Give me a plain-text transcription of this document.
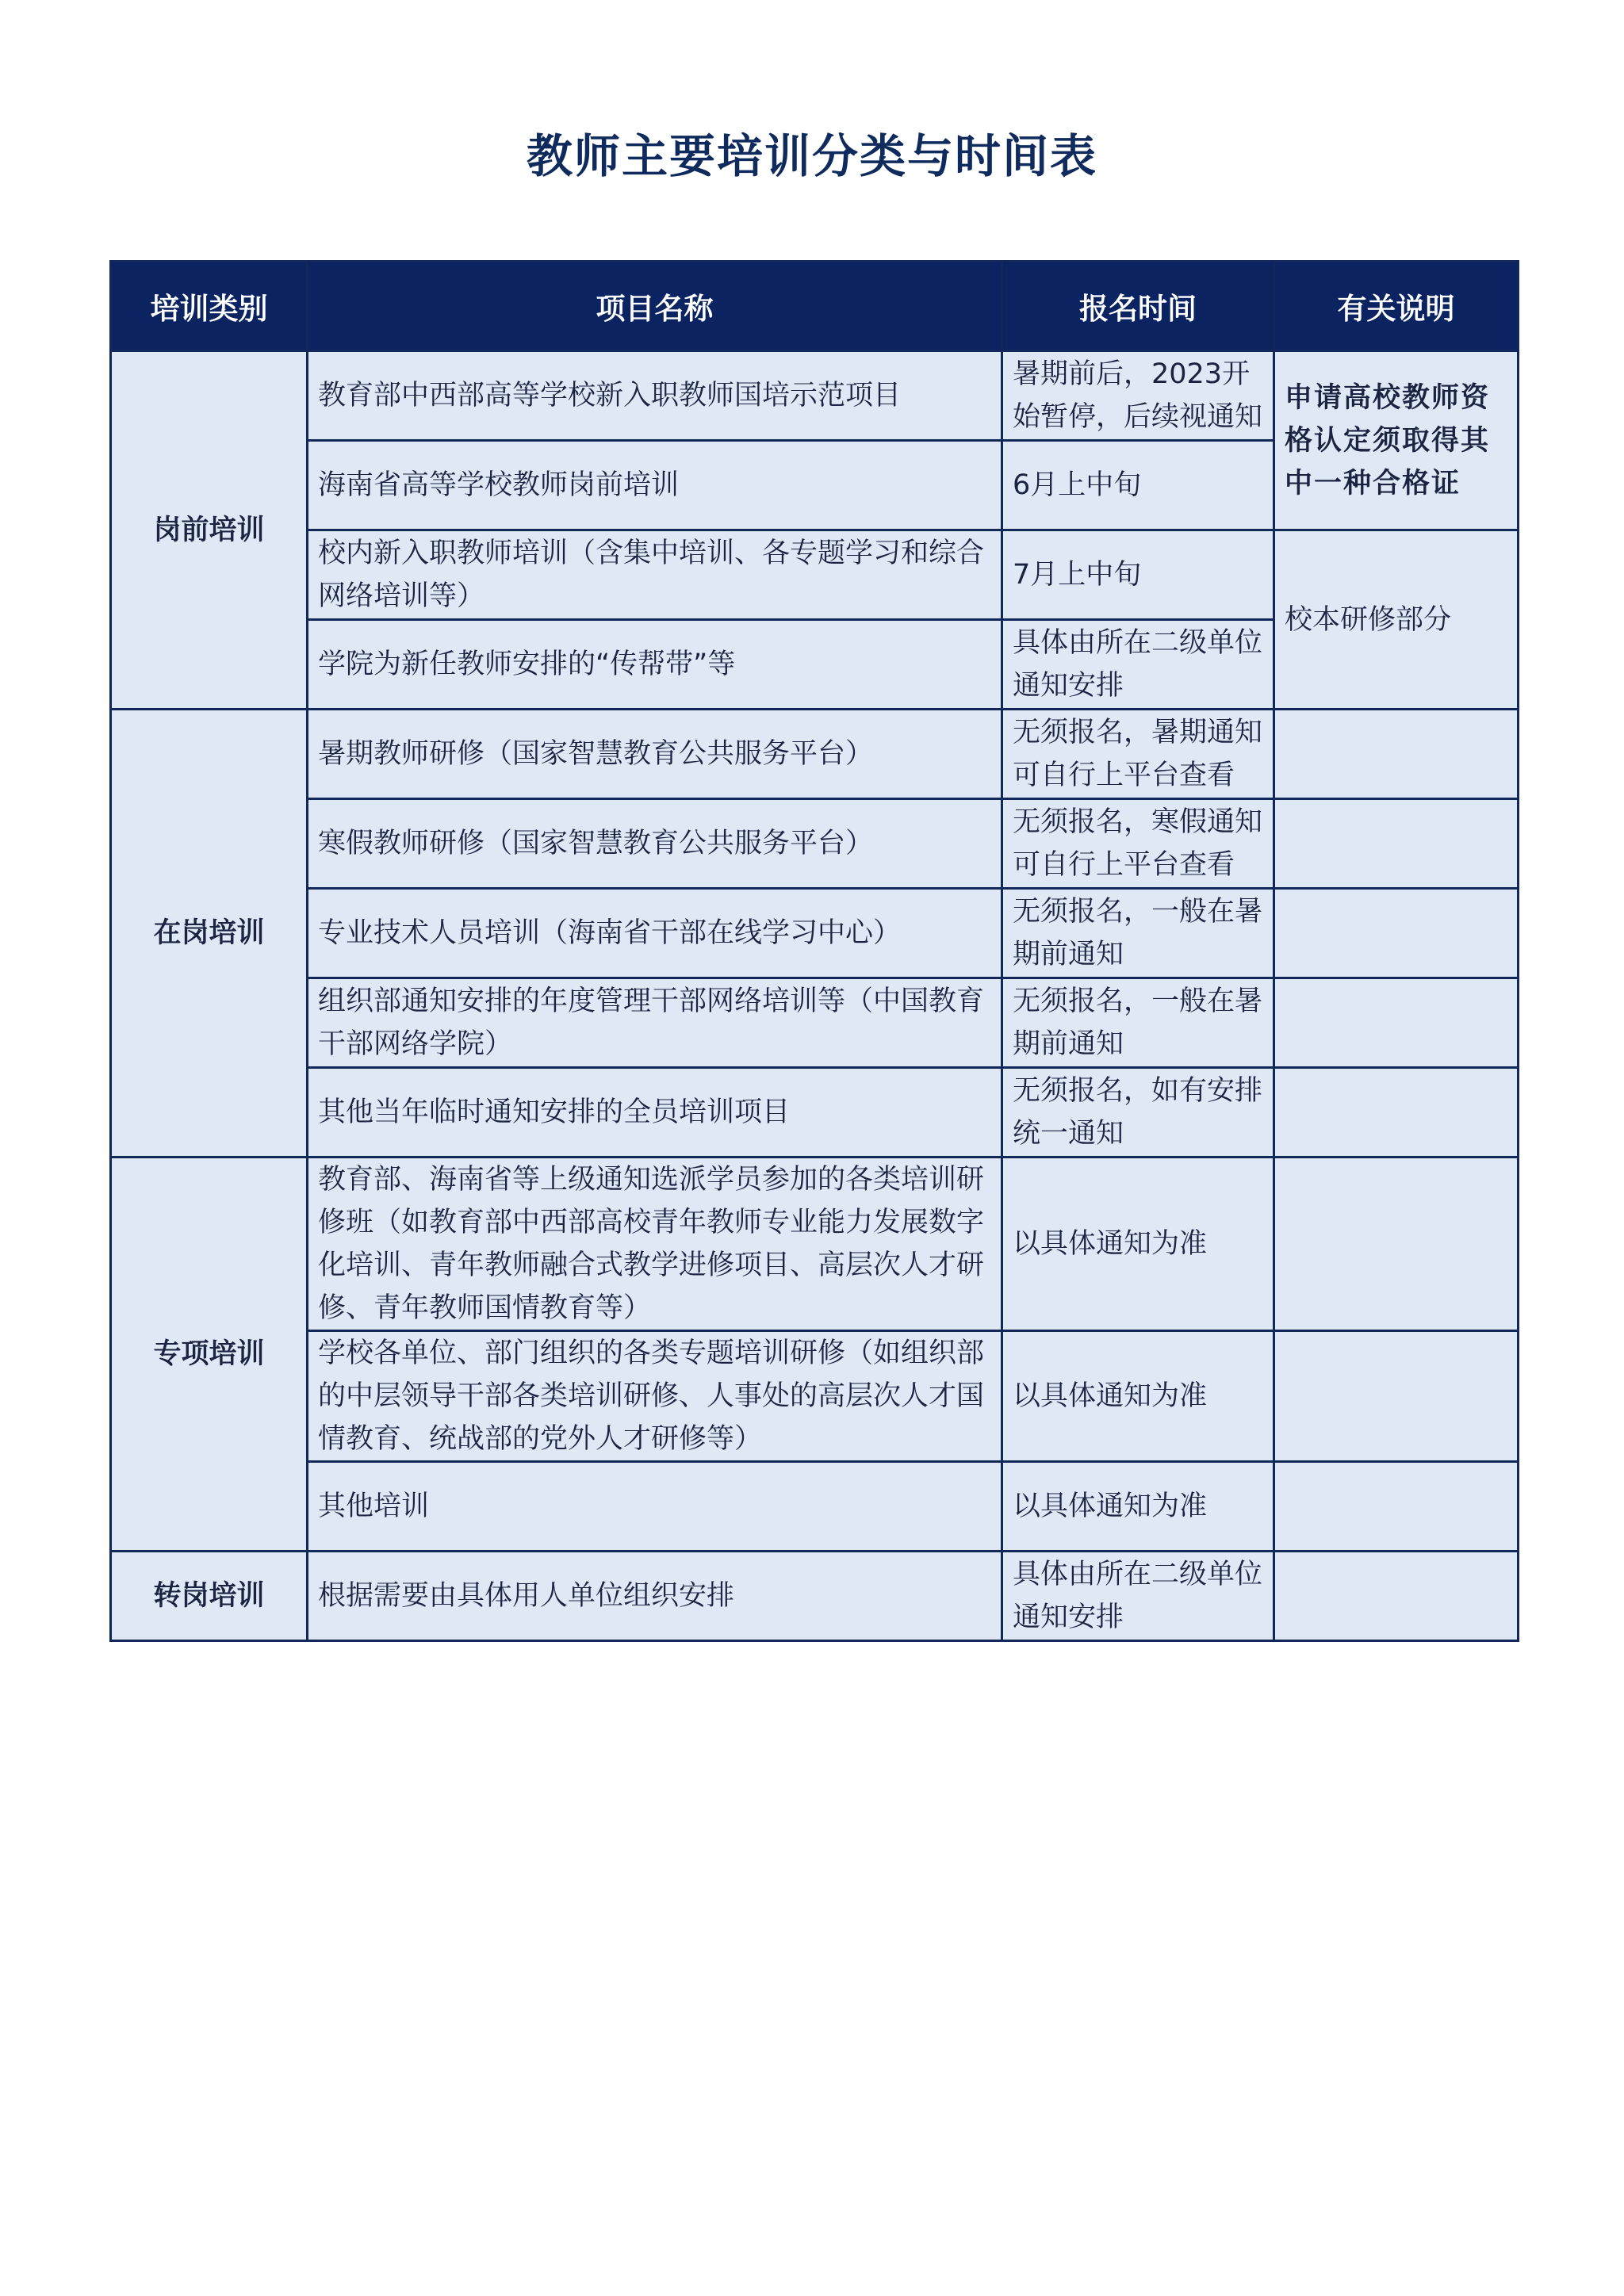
教师主要培训分类与时间表
培训类别	项目名称	报名时间	有关说明
岗前培训	教育部中西部高等学校新入职教师国培示范项目	暑期前后，2023开始暂停，后续视通知	申请高校教师资格认定须取得其中一种合格证
	海南省高等学校教师岗前培训	6月上中旬	
	校内新入职教师培训（含集中培训、各专题学习和综合网络培训等）	7月上中旬	校本研修部分
	学院为新任教师安排的“传帮带”等	具体由所在二级单位通知安排	
在岗培训	暑期教师研修（国家智慧教育公共服务平台）	无须报名，暑期通知可自行上平台查看	
	寒假教师研修（国家智慧教育公共服务平台）	无须报名，寒假通知可自行上平台查看	
	专业技术人员培训（海南省干部在线学习中心）	无须报名，一般在暑期前通知	
	组织部通知安排的年度管理干部网络培训等（中国教育干部网络学院）	无须报名，一般在暑期前通知	
	其他当年临时通知安排的全员培训项目	无须报名，如有安排统一通知	
专项培训	教育部、海南省等上级通知选派学员参加的各类培训研修班（如教育部中西部高校青年教师专业能力发展数字化培训、青年教师融合式教学进修项目、高层次人才研修、青年教师国情教育等）	以具体通知为准	
	学校各单位、部门组织的各类专题培训研修（如组织部的中层领导干部各类培训研修、人事处的高层次人才国情教育、统战部的党外人才研修等）	以具体通知为准	
	其他培训	以具体通知为准	
转岗培训	根据需要由具体用人单位组织安排	具体由所在二级单位通知安排	
